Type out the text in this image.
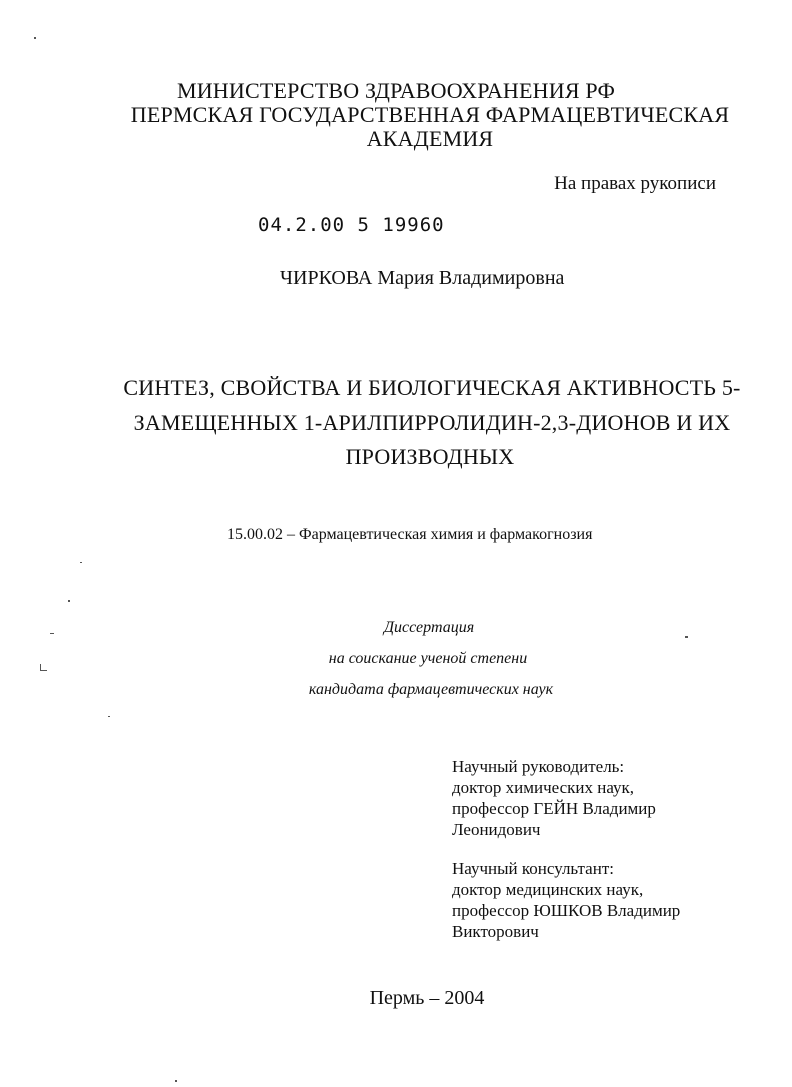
МИНИСТЕРСТВО ЗДРАВООХРАНЕНИЯ РФ
ПЕРМСКАЯ ГОСУДАРСТВЕННАЯ ФАРМАЦЕВТИЧЕСКАЯ
АКАДЕМИЯ
На правах рукописи
04.2.00 5 19960
ЧИРКОВА Мария Владимировна
СИНТЕЗ, СВОЙСТВА И БИОЛОГИЧЕСКАЯ АКТИВНОСТЬ 5-
ЗАМЕЩЕННЫХ 1-АРИЛПИРРОЛИДИН-2,3-ДИОНОВ И ИХ
ПРОИЗВОДНЫХ
15.00.02 – Фармацевтическая химия и фармакогнозия
Диссертация
на соискание ученой степени
кандидата фармацевтических наук
Научный руководитель:
доктор химических наук,
профессор ГЕЙН Владимир
Леонидович
Научный консультант:
доктор медицинских наук,
профессор ЮШКОВ Владимир
Викторович
Пермь – 2004
